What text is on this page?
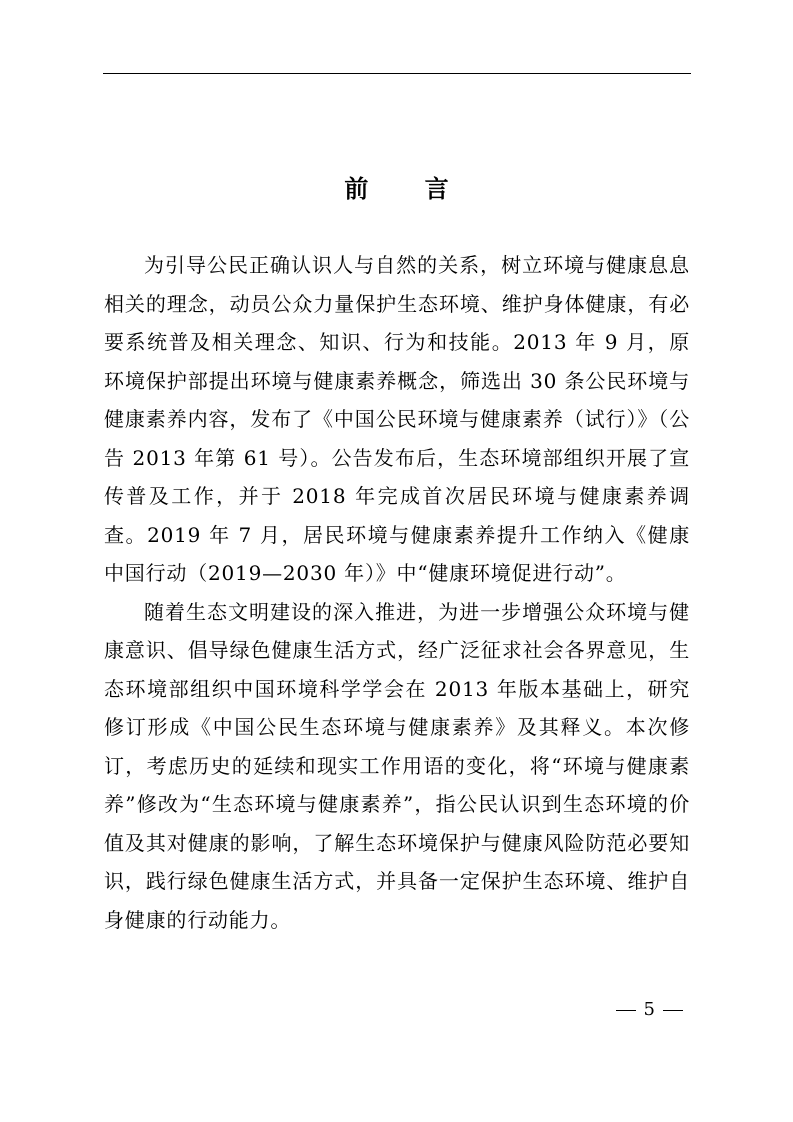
前 言

为引导公民正确认识人与自然的关系，树立环境与健康息息相关的理念，动员公众力量保护生态环境、维护身体健康，有必要系统普及相关理念、知识、行为和技能。2013 年 9 月，原环境保护部提出环境与健康素养概念，筛选出 30 条公民环境与健康素养内容，发布了《中国公民环境与健康素养（试行）》（公告 2013 年第 61 号）。公告发布后，生态环境部组织开展了宣传普及工作，并于 2018 年完成首次居民环境与健康素养调查。2019 年 7 月，居民环境与健康素养提升工作纳入《健康中国行动（2019—2030 年）》中“健康环境促进行动”。

随着生态文明建设的深入推进，为进一步增强公众环境与健康意识、倡导绿色健康生活方式，经广泛征求社会各界意见，生态环境部组织中国环境科学学会在 2013 年版本基础上，研究修订形成《中国公民生态环境与健康素养》及其释义。本次修订，考虑历史的延续和现实工作用语的变化，将“环境与健康素养”修改为“生态环境与健康素养”，指公民认识到生态环境的价值及其对健康的影响，了解生态环境保护与健康风险防范必要知识，践行绿色健康生活方式，并具备一定保护生态环境、维护自身健康的行动能力。

5
